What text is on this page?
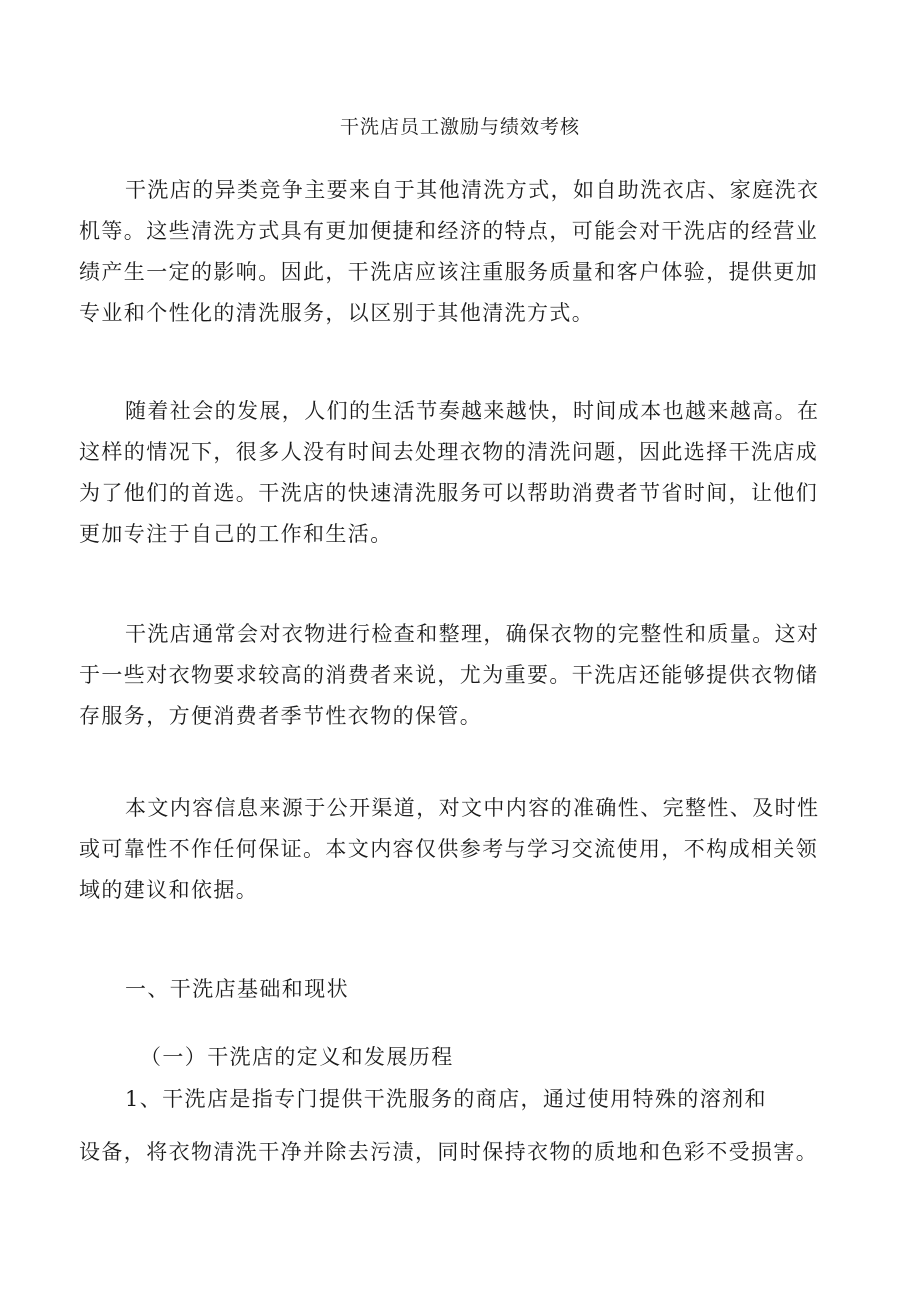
干洗店员工激励与绩效考核
干洗店的异类竞争主要来自于其他清洗方式，如自助洗衣店、家庭洗衣
机等。这些清洗方式具有更加便捷和经济的特点，可能会对干洗店的经营业
绩产生一定的影响。因此，干洗店应该注重服务质量和客户体验，提供更加
专业和个性化的清洗服务，以区别于其他清洗方式。
随着社会的发展，人们的生活节奏越来越快，时间成本也越来越高。在
这样的情况下，很多人没有时间去处理衣物的清洗问题，因此选择干洗店成
为了他们的首选。干洗店的快速清洗服务可以帮助消费者节省时间，让他们
更加专注于自己的工作和生活。
干洗店通常会对衣物进行检查和整理，确保衣物的完整性和质量。这对
于一些对衣物要求较高的消费者来说，尤为重要。干洗店还能够提供衣物储
存服务，方便消费者季节性衣物的保管。
本文内容信息来源于公开渠道，对文中内容的准确性、完整性、及时性
或可靠性不作任何保证。本文内容仅供参考与学习交流使用，不构成相关领
域的建议和依据。
一、干洗店基础和现状
（一）干洗店的定义和发展历程
1、干洗店是指专门提供干洗服务的商店，通过使用特殊的溶剂和
设备，将衣物清洗干净并除去污渍，同时保持衣物的质地和色彩不受损害。
